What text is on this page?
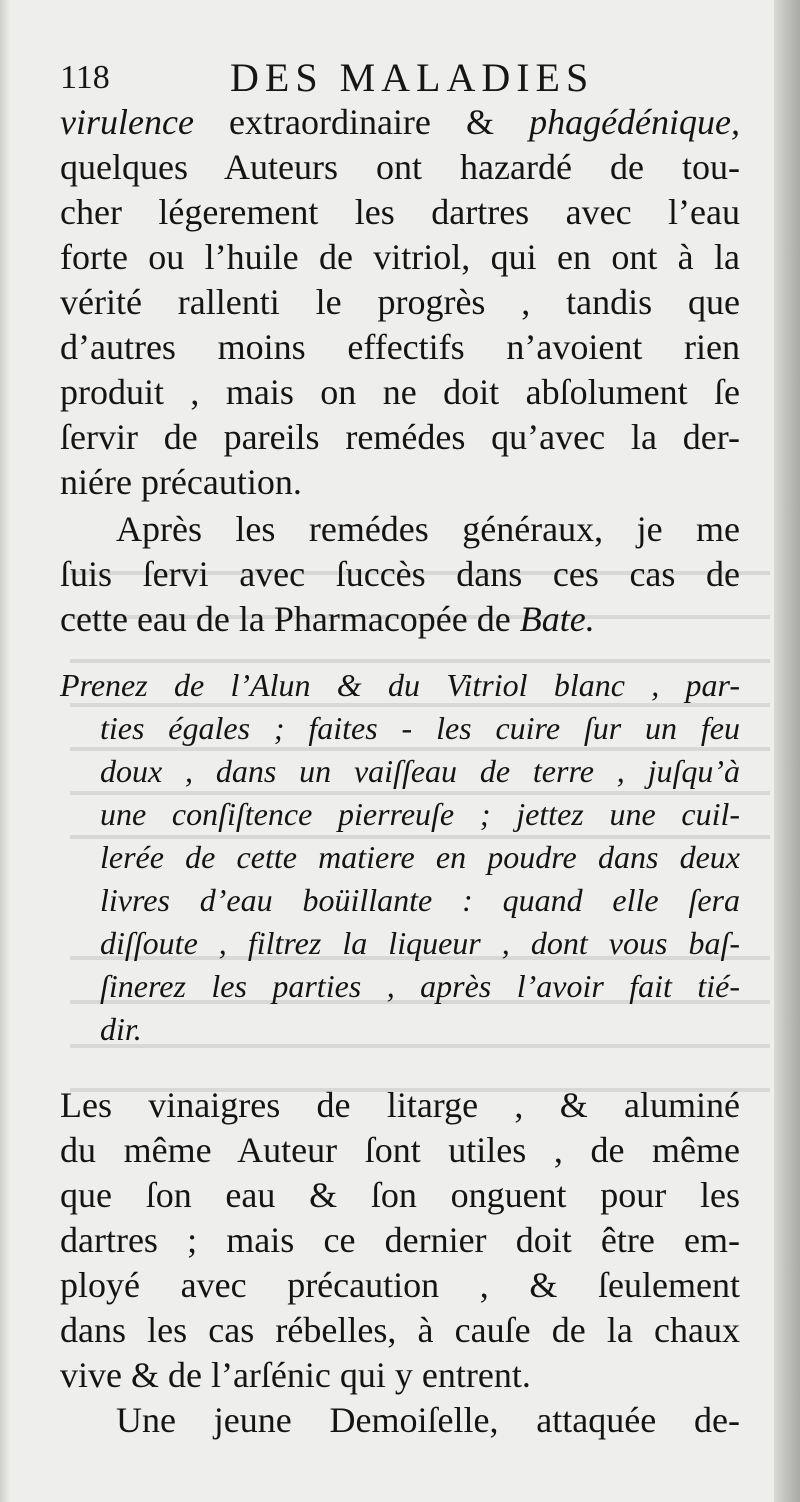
118	DES MALADIES
virulence extraordinaire & phagédénique,
quelques Auteurs ont hazardé de tou-
cher légerement les dartres avec l’eau
forte ou l’huile de vitriol, qui en ont à la
vérité rallenti le progrès , tandis que
d’autres moins effectifs n’avoient rien
produit , mais on ne doit abſolument ſe
ſervir de pareils remédes qu’avec la der-
niére précaution.
Après les remédes généraux, je me
ſuis ſervi avec ſuccès dans ces cas de
cette eau de la Pharmacopée de Bate.
Prenez de l’Alun & du Vitriol blanc , par-
ties égales ; faites - les cuire ſur un feu
doux , dans un vaiſſeau de terre , juſqu’à
une conſiſtence pierreuſe ; jettez une cuil-
lerée de cette matiere en poudre dans deux
livres d’eau boüillante : quand elle ſera
diſſoute , filtrez la liqueur , dont vous baſ-
ſinerez les parties , après l’avoir fait tié-
dir.
Les vinaigres de litarge , & aluminé
du même Auteur ſont utiles , de même
que ſon eau & ſon onguent pour les
dartres ; mais ce dernier doit être em-
ployé avec précaution , & ſeulement
dans les cas rébelles, à cauſe de la chaux
vive & de l’arſénic qui y entrent.
Une jeune Demoiſelle, attaquée de-
